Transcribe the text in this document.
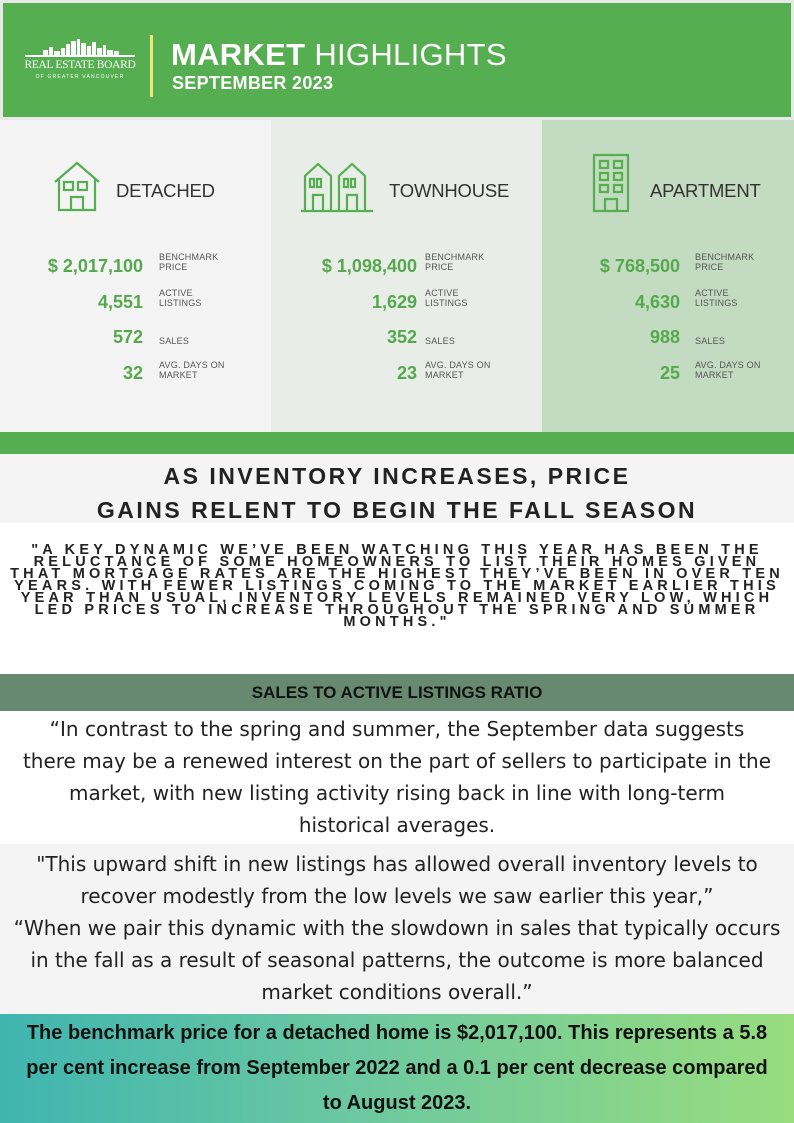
REAL ESTATE BOARD
OF GREATER VANCOUVER
MARKET HIGHLIGHTS
SEPTEMBER 2023
DETACHED
$ 2,017,100 BENCHMARK PRICE
4,551 ACTIVE LISTINGS
572 SALES
32 AVG. DAYS ON MARKET
TOWNHOUSE
$ 1,098,400 BENCHMARK PRICE
1,629 ACTIVE LISTINGS
352 SALES
23 AVG. DAYS ON MARKET
APARTMENT
$ 768,500 BENCHMARK PRICE
4,630 ACTIVE LISTINGS
988 SALES
25 AVG. DAYS ON MARKET
AS INVENTORY INCREASES, PRICE
GAINS RELENT TO BEGIN THE FALL SEASON
"A KEY DYNAMIC WE’VE BEEN WATCHING THIS YEAR HAS BEEN THE RELUCTANCE OF SOME HOMEOWNERS TO LIST THEIR HOMES GIVEN THAT MORTGAGE RATES ARE THE HIGHEST THEY’VE BEEN IN OVER TEN YEARS. WITH FEWER LISTINGS COMING TO THE MARKET EARLIER THIS YEAR THAN USUAL, INVENTORY LEVELS REMAINED VERY LOW, WHICH LED PRICES TO INCREASE THROUGHOUT THE SPRING AND SUMMER MONTHS."
SALES TO ACTIVE LISTINGS RATIO
“In contrast to the spring and summer, the September data suggests there may be a renewed interest on the part of sellers to participate in the market, with new listing activity rising back in line with long-term historical averages.

"This upward shift in new listings has allowed overall inventory levels to recover modestly from the low levels we saw earlier this year,”

“When we pair this dynamic with the slowdown in sales that typically occurs in the fall as a result of seasonal patterns, the outcome is more balanced market conditions overall.”

The benchmark price for a detached home is $2,017,100. This represents a 5.8 per cent increase from September 2022 and a 0.1 per cent decrease compared to August 2023.
